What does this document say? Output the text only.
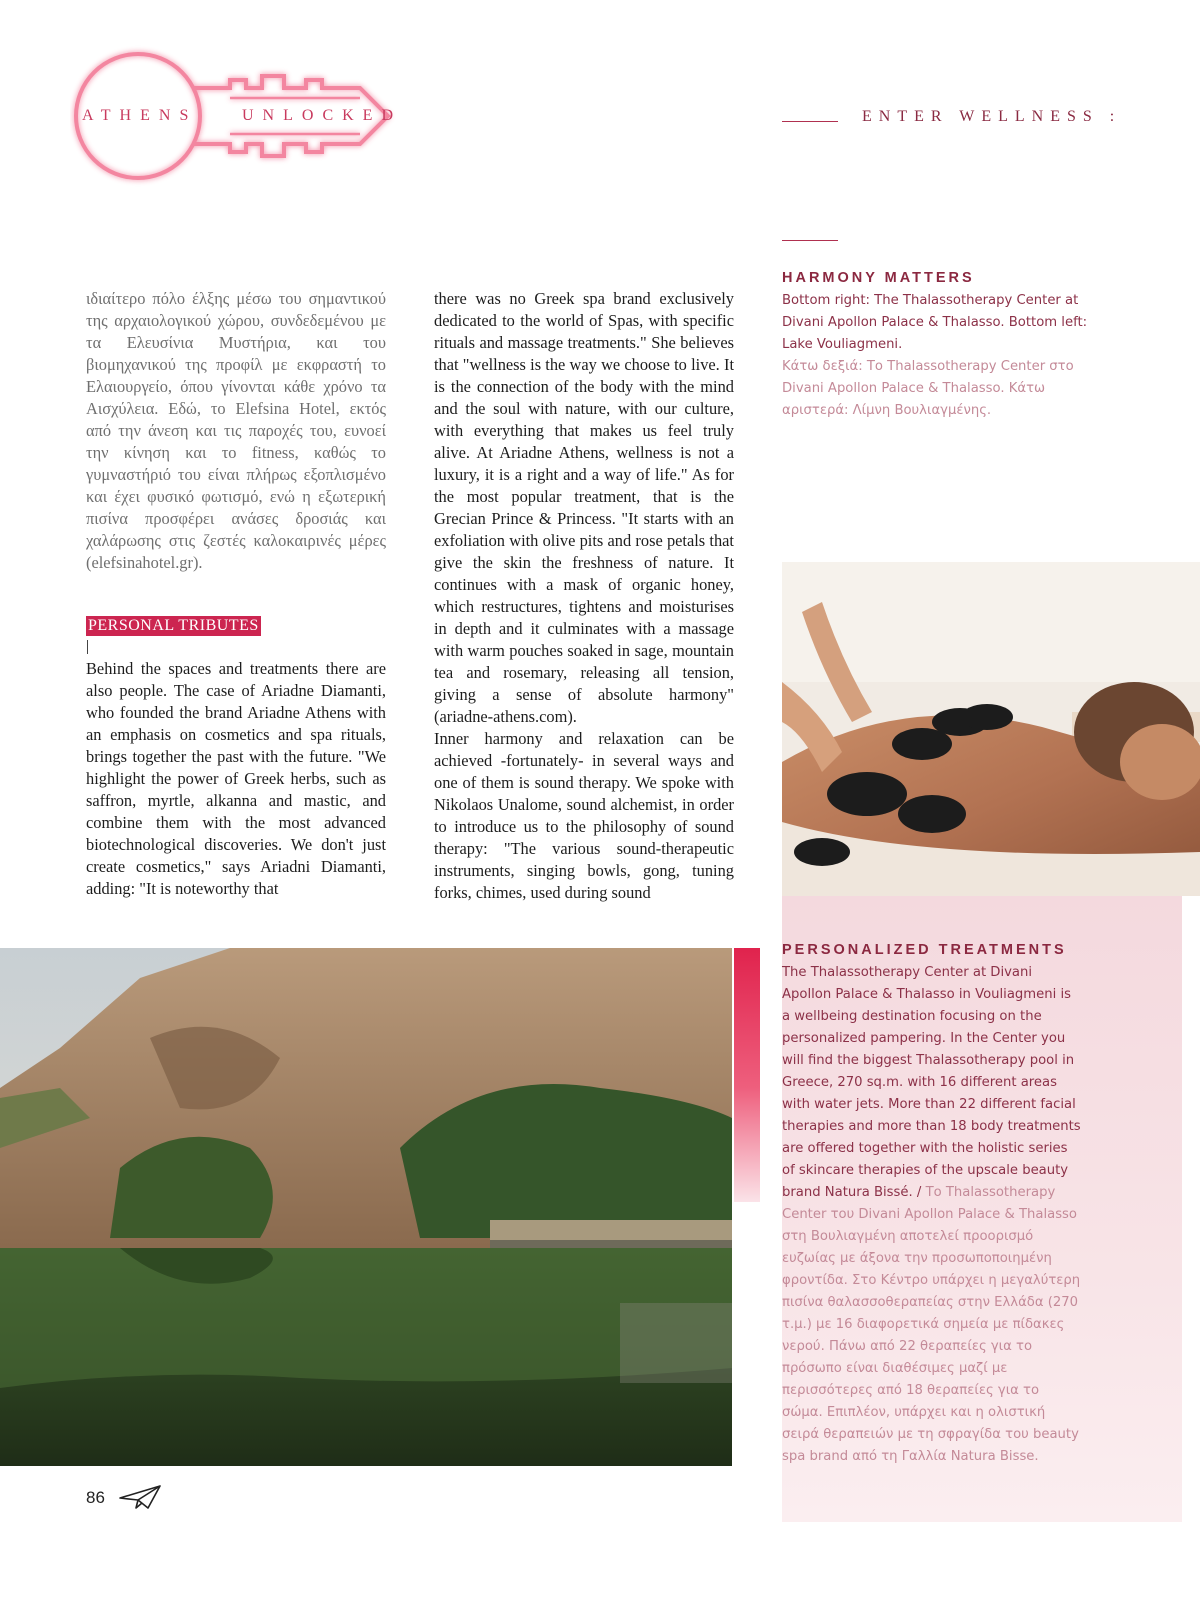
ATHENS	UNLOCKED	ENTER WELLNESS :

ιδιαίτερο πόλο έλξης μέσω του σημαντικού της αρχαιολογικού χώρου, συνδεδεμένου με τα Ελευσίνια Μυστήρια, και του βιομηχανικού της προφίλ με εκφραστή το Ελαιουργείο, όπου γίνονται κάθε χρόνο τα Αισχύλεια. Εδώ, το Elefsina Hotel, εκτός από την άνεση και τις παροχές του, ευνοεί την κίνηση και το fitness, καθώς το γυμναστήριό του είναι πλήρως εξοπλισμένο και έχει φυσικό φωτισμό, ενώ η εξωτερική πισίνα προσφέρει ανάσες δροσιάς και χαλάρωσης στις ζεστές καλοκαιρινές μέρες (elefsinahotel.gr).

PERSONAL TRIBUTES

Behind the spaces and treatments there are also people. The case of Ariadne Diamanti, who founded the brand Ariadne Athens with an emphasis on cosmetics and spa rituals, brings together the past with the future. "We highlight the power of Greek herbs, such as saffron, myrtle, alkanna and mastic, and combine them with the most advanced biotechnological discoveries. We don't just create cosmetics," says Ariadni Diamanti, adding: "It is noteworthy that

there was no Greek spa brand exclusively dedicated to the world of Spas, with specific rituals and massage treatments." She believes that "wellness is the way we choose to live. It is the connection of the body with the mind and the soul with nature, with our culture, with everything that makes us feel truly alive. At Ariadne Athens, wellness is not a luxury, it is a right and a way of life." As for the most popular treatment, that is the Grecian Prince & Princess. "It starts with an exfoliation with olive pits and rose petals that give the skin the freshness of nature. It continues with a mask of organic honey, which restructures, tightens and moisturises in depth and it culminates with a massage with warm pouches soaked in sage, mountain tea and rosemary, releasing all tension, giving a sense of absolute harmony" (ariadne-athens.com).

Inner harmony and relaxation can be achieved -fortunately- in several ways and one of them is sound therapy. We spoke with Nikolaos Unalome, sound alchemist, in order to introduce us to the philosophy of sound therapy: "The various sound-therapeutic instruments, singing bowls, gong, tuning forks, chimes, used during sound

HARMONY MATTERS
Bottom right: The Thalassotherapy Center at Divani Apollon Palace & Thalasso. Bottom left: Lake Vouliagmeni.
Κάτω δεξιά: Το Thalassotherapy Center στο Divani Apollon Palace & Thalasso. Κάτω αριστερά: Λίμνη Βουλιαγμένης.
PERSONALIZED TREATMENTS
The Thalassotherapy Center at Divani Apollon Palace & Thalasso in Vouliagmeni is a wellbeing destination focusing on the personalized pampering. In the Center you will find the biggest Thalassotherapy pool in Greece, 270 sq.m. with 16 different areas with water jets. More than 22 different facial therapies and more than 18 body treatments are offered together with the holistic series of skincare therapies of the upscale beauty brand Natura Bissé. / Το Thalassotherapy Center του Divani Apollon Palace & Thalasso στη Βουλιαγμένη αποτελεί προορισμό ευζωίας με άξονα την προσωποποιημένη φροντίδα. Στο Κέντρο υπάρχει η μεγαλύτερη πισίνα θαλασσοθεραπείας στην Ελλάδα (270 τ.μ.) με 16 διαφορετικά σημεία με πίδακες νερού. Πάνω από 22 θεραπείες για το πρόσωπο είναι διαθέσιμες μαζί με περισσότερες από 18 θεραπείες για το σώμα. Επιπλέον, υπάρχει και η ολιστική σειρά θεραπειών με τη σφραγίδα του beauty spa brand από τη Γαλλία Natura Bisse.
86
